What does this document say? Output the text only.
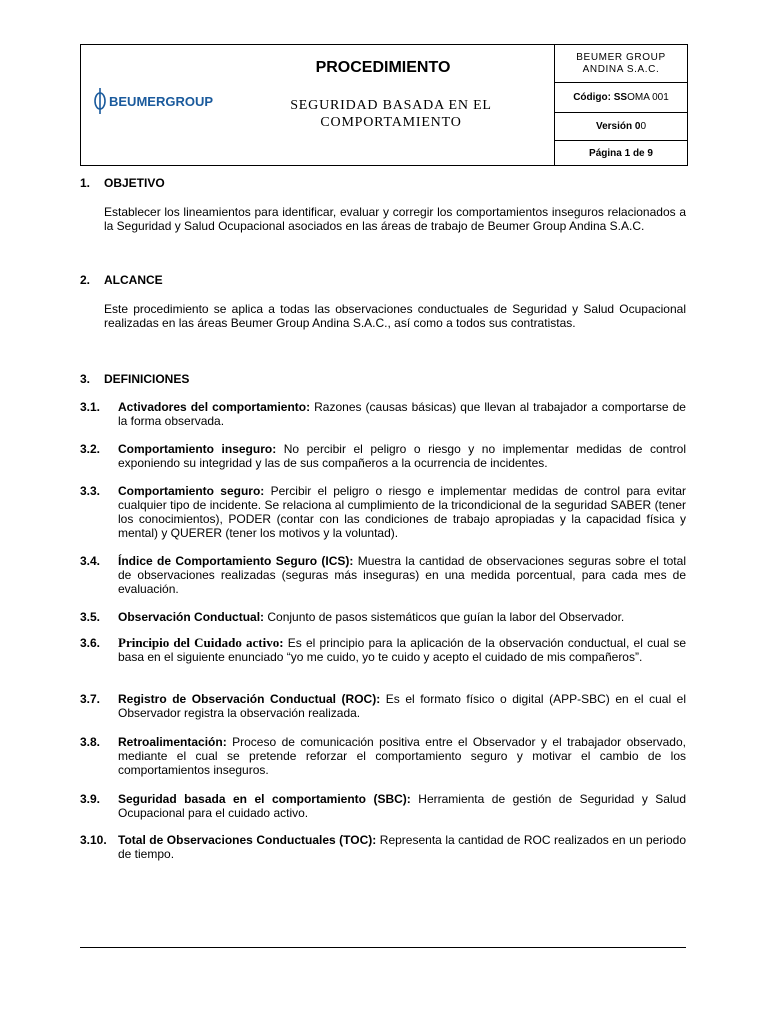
BEUMERGROUP
PROCEDIMIENTO
SEGURIDAD BASADA EN EL
COMPORTAMIENTO
BEUMER GROUP
ANDINA S.A.C.
Código: SS OMA 001
Versión 0 0
Página 1 de 9
1. OBJETIVO
Establecer los lineamientos para identificar, evaluar y corregir los comportamientos inseguros relacionados a la Seguridad y Salud Ocupacional asociados en las áreas de trabajo de Beumer Group Andina S.A.C.
2. ALCANCE
Este procedimiento se aplica a todas las observaciones conductuales de Seguridad y Salud Ocupacional realizadas en las áreas Beumer Group Andina S.A.C., así como a todos sus contratistas.
3. DEFINICIONES
3.1. Activadores del comportamiento: Razones (causas básicas) que llevan al trabajador a comportarse de la forma observada.
3.2. Comportamiento inseguro: No percibir el peligro o riesgo y no implementar medidas de control exponiendo su integridad y las de sus compañeros a la ocurrencia de incidentes.
3.3. Comportamiento seguro: Percibir el peligro o riesgo e implementar medidas de control para evitar cualquier tipo de incidente. Se relaciona al cumplimiento de la tricondicional de la seguridad SABER (tener los conocimientos), PODER (contar con las condiciones de trabajo apropiadas y la capacidad física y mental) y QUERER (tener los motivos y la voluntad).
3.4. Índice de Comportamiento Seguro (ICS): Muestra la cantidad de observaciones seguras sobre el total de observaciones realizadas (seguras más inseguras) en una medida porcentual, para cada mes de evaluación.
3.5. Observación Conductual: Conjunto de pasos sistemáticos que guían la labor del Observador.
3.6. Principio del Cuidado activo: Es el principio para la aplicación de la observación conductual, el cual se basa en el siguiente enunciado “yo me cuido, yo te cuido y acepto el cuidado de mis compañeros”.
3.7. Registro de Observación Conductual (ROC): Es el formato físico o digital (APP-SBC) en el cual el Observador registra la observación realizada.
3.8. Retroalimentación: Proceso de comunicación positiva entre el Observador y el trabajador observado, mediante el cual se pretende reforzar el comportamiento seguro y motivar el cambio de los comportamientos inseguros.
3.9. Seguridad basada en el comportamiento (SBC): Herramienta de gestión de Seguridad y Salud Ocupacional para el cuidado activo.
3.10. Total de Observaciones Conductuales (TOC): Representa la cantidad de ROC realizados en un periodo de tiempo.
